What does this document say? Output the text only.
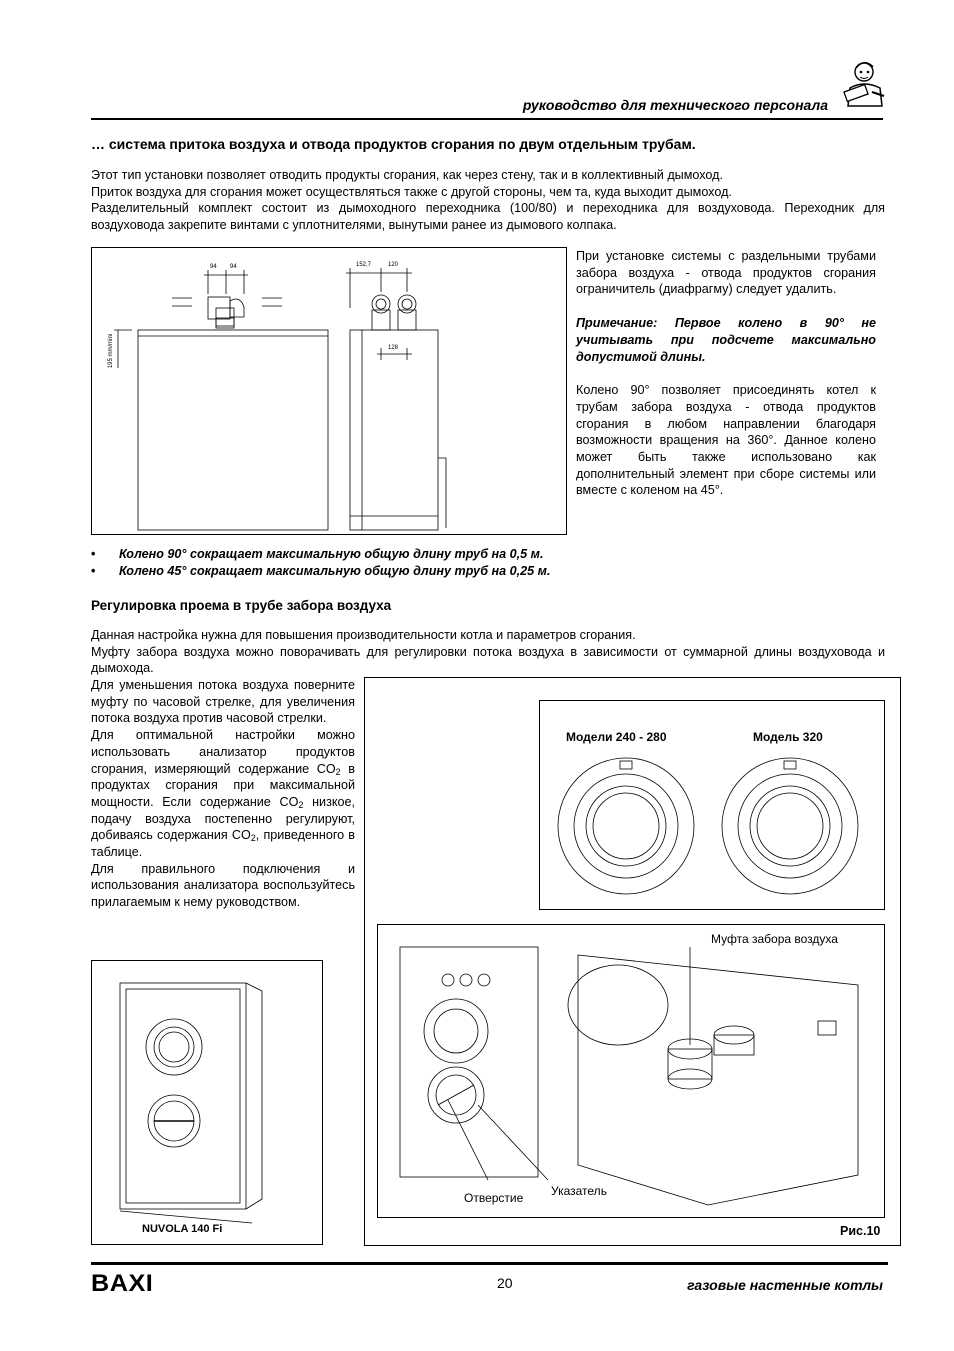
руководство для технического персонала
… система притока воздуха и отвода продуктов сгорания по двум отдельным трубам.

Этот тип установки позволяет отводить продукты сгорания, как через стену, так и в коллективный дымоход.

Приток воздуха для сгорания может осуществляться также с другой стороны, чем та, куда выходит дымоход.

Разделительный комплект состоит из дымоходного переходника (100/80) и переходника для воздуховода. Переходник для воздуховода закрепите винтами с уплотнителями, вынутыми ранее из дымового колпака.

94 94	152,7	120
128
195 mm/mini

При установке системы с раздельными трубами забора воздуха - отвода продуктов сгорания ограничитель (диафрагму) следует удалить.

Примечание: Первое колено в 90° не учитывать при подсчете максимально допустимой длины.

Колено 90° позволяет присоединять котел к трубам забора воздуха - отвода продуктов сгорания в любом направлении благодаря возможности вращения на 360°. Данное колено может быть также использовано как дополнительный элемент при сборе системы или вместе с коленом на 45°.

• Колено 90° сокращает максимальную общую длину труб на 0,5 м.
• Колено 45° сокращает максимальную общую длину труб на 0,25 м.
Регулировка проема в трубе забора воздуха

Данная настройка нужна для повышения производительности котла и параметров сгорания.

Муфту забора воздуха можно поворачивать для регулировки потока воздуха в зависимости от суммарной длины воздуховода и дымохода.

Для уменьшения потока воздуха поверните муфту по часовой стрелке, для увеличения потока воздуха против часовой стрелки.

Для оптимальной настройки можно использовать анализатор продуктов сгорания, измеряющий содержание $CO_2$ в продуктах сгорания при максимальной мощности. Если содержание $CO_2$ низкое, подачу воздуха постепенно регулируют, добиваясь содержания $CO_2$, приведенного в таблице.

Для правильного подключения и использования анализатора воспользуйтесь прилагаемым к нему руководством.

NUVOLA 140 Fi
Модели 240 - 280	Модель 320
Муфта забора воздуха
Отверстие Указатель
Рис.10
BAXI	20	газовые настенные котлы
